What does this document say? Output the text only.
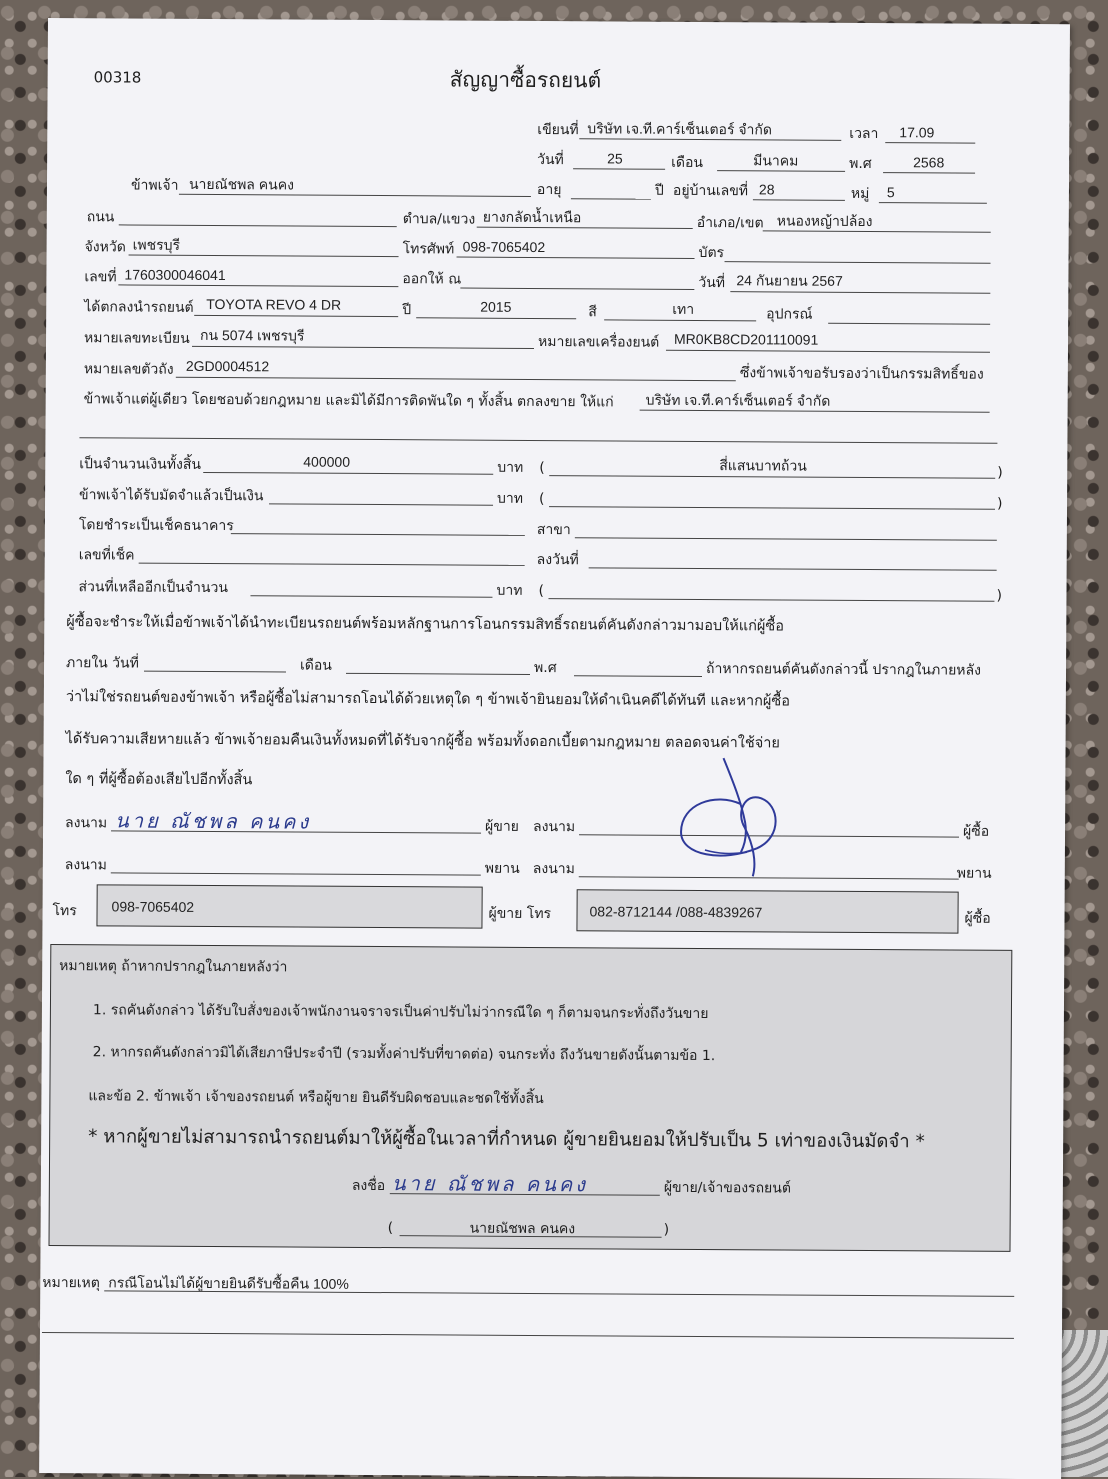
00318	สัญญาซื้อรถยนต์
เขียนที่ บริษัท เจ.ที.คาร์เซ็นเตอร์ จำกัด	เวลา 17.09
วันที่	25	เดือน	มีนาคม	พ.ศ	2568
ข้าพเจ้า นายณัชพล คนคง	อายุ	ปี อยู่บ้านเลขที่ 28	หมู่ 5
ถนน	ตำบล/แขวง ยางกลัดน้ำเหนือ	อำเภอ/เขต หนองหญ้าปล้อง
จังหวัด เพชรบุรี	โทรศัพท์ 098-7065402	บัตร
เลขที่ 1760300046041	ออกให้ ณ	วันที่ 24 กันยายน 2567
ได้ตกลงนำรถยนต์ TOYOTA REVO 4 DR	ปี	2015	สี	เทา	อุปกรณ์
หมายเลขทะเบียน กน 5074 เพชรบุรี	หมายเลขเครื่องยนต์ MR0KB8CD201110091
หมายเลขตัวถัง 2GD0004512	ซึ่งข้าพเจ้าขอรับรองว่าเป็นกรรมสิทธิ์ของ
ข้าพเจ้าแต่ผู้เดียว โดยชอบด้วยกฎหมาย และมิได้มีการติดพันใด ๆ ทั้งสิ้น ตกลงขาย ให้แก่ บริษัท เจ.ที.คาร์เซ็นเตอร์ จำกัด
เป็นจำนวนเงินทั้งสิ้น	400000	บาท (	สี่แสนบาทถ้วน	)
ข้าพเจ้าได้รับมัดจำแล้วเป็นเงิน	บาท (	)
โดยชำระเป็นเช็คธนาคาร	สาขา
เลขที่เช็ค	ลงวันที่
ส่วนที่เหลืออีกเป็นจำนวน	บาท (	)
ผู้ซื้อจะชำระให้เมื่อข้าพเจ้าได้นำทะเบียนรถยนต์พร้อมหลักฐานการโอนกรรมสิทธิ์รถยนต์คันดังกล่าวมามอบให้แก่ผู้ซื้อ
ภายใน วันที่	เดือน	พ.ศ	ถ้าหากรถยนต์คันดังกล่าวนี้ ปรากฎในภายหลัง
ว่าไม่ใช่รถยนต์ของข้าพเจ้า หรือผู้ซื้อไม่สามารถโอนได้ด้วยเหตุใด ๆ ข้าพเจ้ายินยอมให้ดำเนินคดีได้ทันที และหากผู้ซื้อ
ได้รับความเสียหายแล้ว ข้าพเจ้ายอมคืนเงินทั้งหมดที่ได้รับจากผู้ซื้อ พร้อมทั้งดอกเบี้ยตามกฎหมาย ตลอดจนค่าใช้จ่าย
ใด ๆ ที่ผู้ซื้อต้องเสียไปอีกทั้งสิ้น
ลงนาม นาย ณัชพล คนคง	ผู้ขาย ลงนาม	ผู้ซื้อ
ลงนาม	พยาน ลงนาม	พยาน
โทร 098-7065402	ผู้ขาย โทร	082-8712144 /088-4839267	ผู้ซื้อ
หมายเหตุ ถ้าหากปรากฎในภายหลังว่า
1. รถคันดังกล่าว ได้รับใบสั่งของเจ้าพนักงานจราจรเป็นค่าปรับไม่ว่ากรณีใด ๆ ก็ตามจนกระทั่งถึงวันขาย
2. หากรถคันดังกล่าวมิได้เสียภาษีประจำปี (รวมทั้งค่าปรับที่ขาดต่อ) จนกระทั่ง ถึงวันขายดังนั้นตามข้อ 1.
และข้อ 2. ข้าพเจ้า เจ้าของรถยนต์ หรือผู้ขาย ยินดีรับผิดชอบและชดใช้ทั้งสิ้น
* หากผู้ขายไม่สามารถนำรถยนต์มาให้ผู้ซื้อในเวลาที่กำหนด ผู้ขายยินยอมให้ปรับเป็น 5 เท่าของเงินมัดจำ *
ลงชื่อ นาย ณัชพล คนคง	ผู้ขาย/เจ้าของรถยนต์
(	นายณัชพล คนคง	)
หมายเหตุ กรณีโอนไม่ได้ผู้ขายยินดีรับซื้อคืน 100%
